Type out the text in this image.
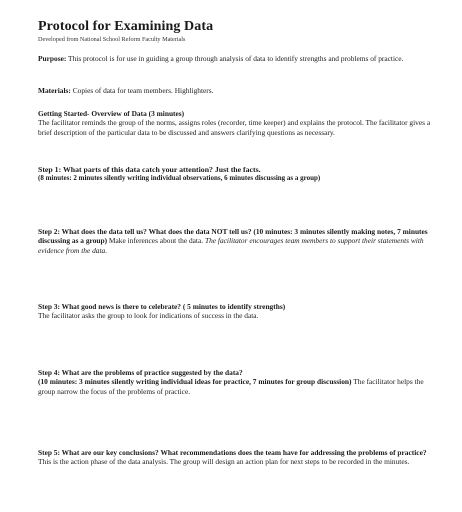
Protocol for Examining Data

Developed from National School Reform Faculty Materials

Purpose: This protocol is for use in guiding a group through analysis of data to identify strengths and problems of practice.

Materials: Copies of data for team members. Highlighters.

Getting Started- Overview of Data (3 minutes)

The facilitator reminds the group of the norms, assigns roles (recorder, time keeper) and explains the protocol. The facilitator gives a brief description of the particular data to be discussed and answers clarifying questions as necessary.

Step 1: What parts of this data catch your attention? Just the facts.

(8 minutes: 2 minutes silently writing individual observations, 6 minutes discussing as a group)

Step 2: What does the data tell us? What does the data NOT tell us? (10 minutes: 3 minutes silently making notes, 7 minutes discussing as a group) Make inferences about the data. The facilitator encourages team members to support their statements with evidence from the data.

Step 3: What good news is there to celebrate? ( 5 minutes to identify strengths)

The facilitator asks the group to look for indications of success in the data.

Step 4: What are the problems of practice suggested by the data?

(10 minutes: 3 minutes silently writing individual ideas for practice, 7 minutes for group discussion) The facilitator helps the group narrow the focus of the problems of practice.

Step 5: What are our key conclusions? What recommendations does the team have for addressing the problems of practice? This is the action phase of the data analysis. The group will design an action plan for next steps to be recorded in the minutes.
